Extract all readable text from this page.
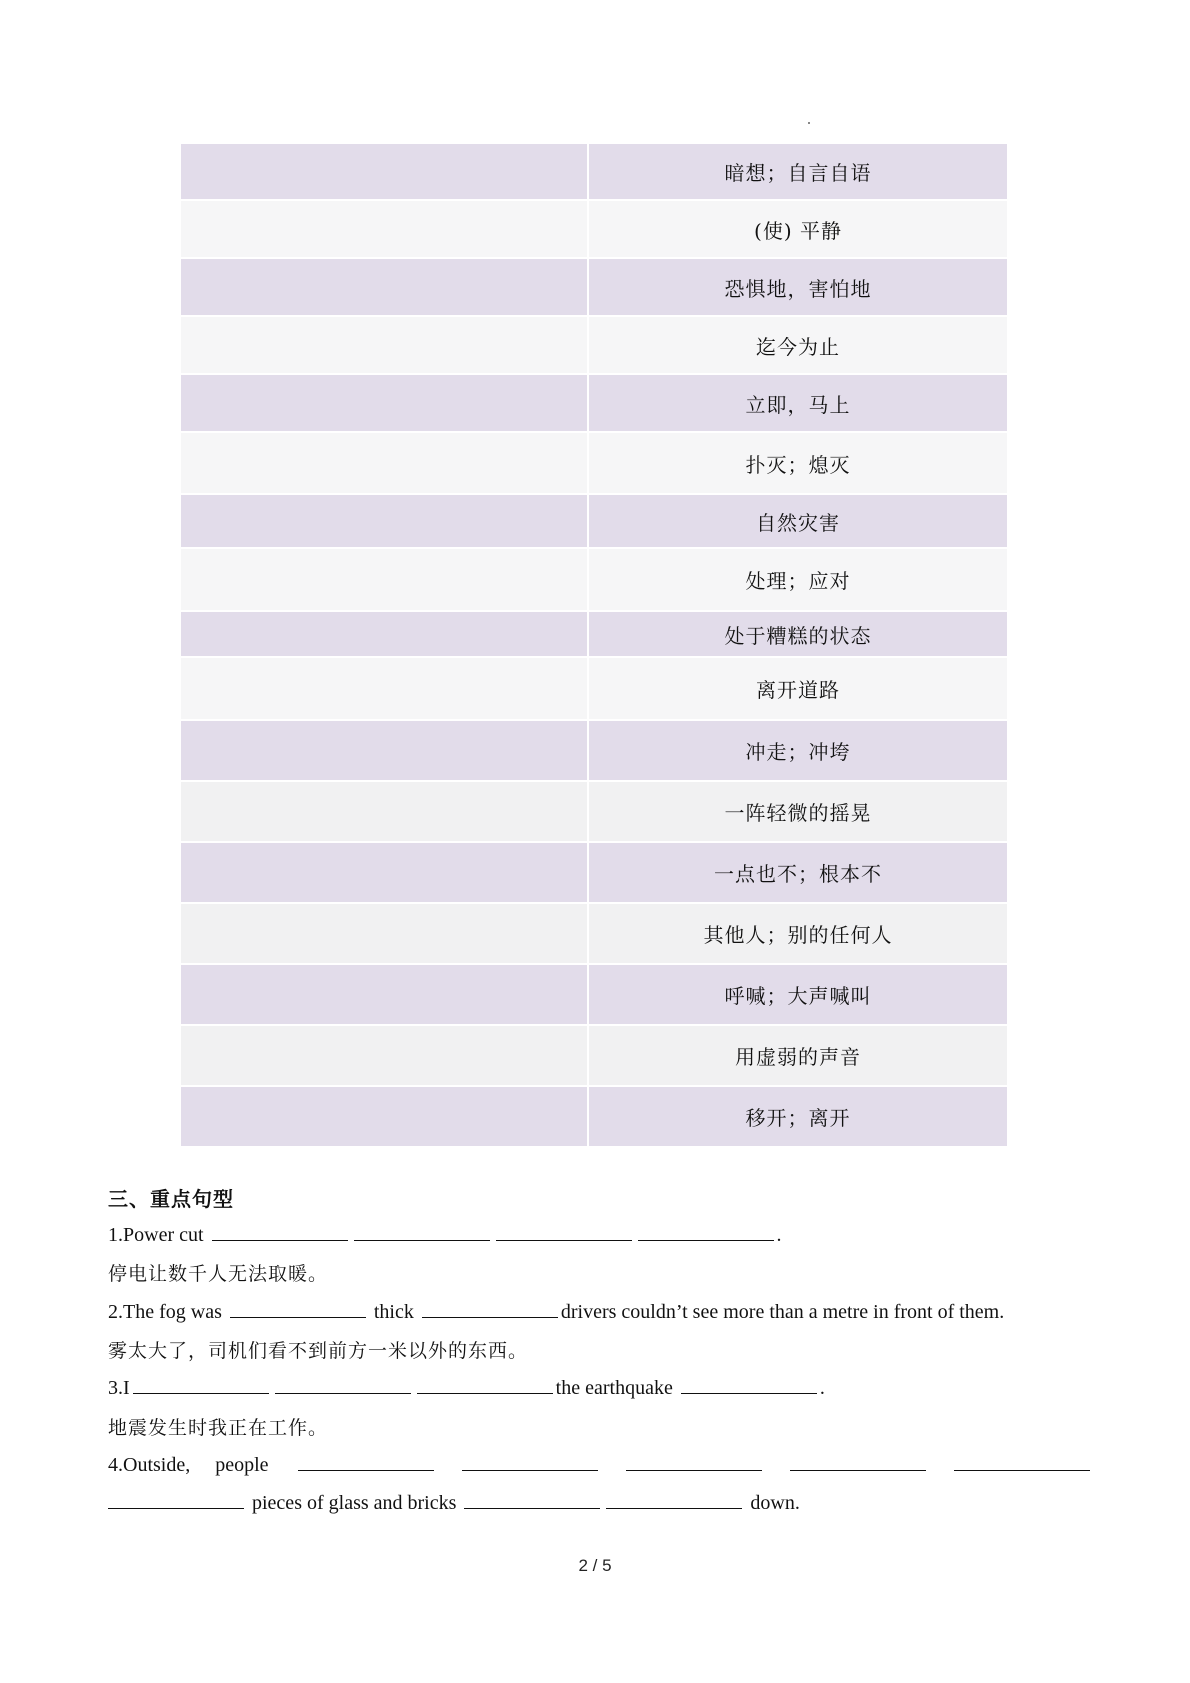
	暗想；自言自语
	(使) 平静
	恐惧地，害怕地
	迄今为止
	立即，马上
	扑灭；熄灭
	自然灾害
	处理；应对
	处于糟糕的状态
	离开道路
	冲走；冲垮
	一阵轻微的摇晃
	一点也不；根本不
	其他人；别的任何人
	呼喊；大声喊叫
	用虚弱的声音
	移开；离开
三、重点句型
1.Power cut	.
停电让数千人无法取暖。
2.The fog was	thick	drivers couldn’t see more than a metre in front of them.
雾太大了，司机们看不到前方一米以外的东西。
3.I	the earthquake	.
地震发生时我正在工作。
4.Outside, people
pieces of glass and bricks	down.
2 / 5
